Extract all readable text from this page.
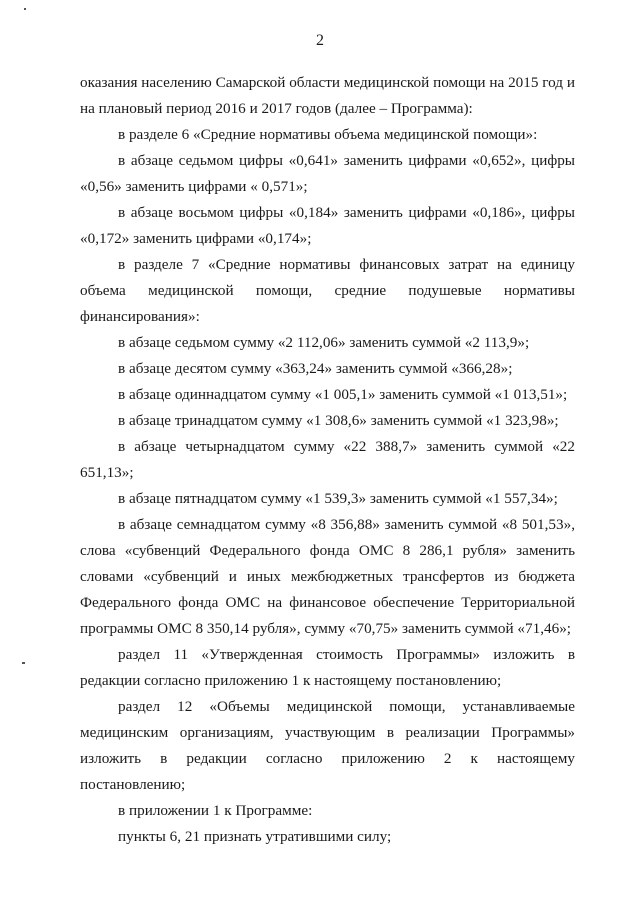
2

оказания населению Самарской области медицинской помощи на 2015 год и на плановый период 2016 и 2017 годов (далее – Программа):

в разделе 6 «Средние нормативы объема медицинской помощи»:

в абзаце седьмом цифры «0,641» заменить цифрами «0,652», цифры «0,56» заменить цифрами « 0,571»;

в абзаце восьмом цифры «0,184» заменить цифрами «0,186», цифры «0,172» заменить цифрами «0,174»;

в разделе 7 «Средние нормативы финансовых затрат на единицу объема медицинской помощи, средние подушевые нормативы финансирования»:

в абзаце седьмом сумму «2 112,06» заменить суммой «2 113,9»;

в абзаце десятом сумму «363,24» заменить суммой «366,28»;

в абзаце одиннадцатом сумму «1 005,1» заменить суммой «1 013,51»;

в абзаце тринадцатом сумму «1 308,6» заменить суммой «1 323,98»;

в абзаце четырнадцатом сумму «22 388,7» заменить суммой «22 651,13»;

в абзаце пятнадцатом сумму «1 539,3» заменить суммой «1 557,34»;

в абзаце семнадцатом сумму «8 356,88» заменить суммой «8 501,53», слова «субвенций Федерального фонда ОМС 8 286,1 рубля» заменить словами «субвенций и иных межбюджетных трансфертов из бюджета Федерального фонда ОМС на финансовое обеспечение Территориальной программы ОМС 8 350,14 рубля», сумму «70,75» заменить суммой «71,46»;

раздел 11 «Утвержденная стоимость Программы» изложить в редакции согласно приложению 1 к настоящему постановлению;

раздел 12 «Объемы медицинской помощи, устанавливаемые медицинским организациям, участвующим в реализации Программы» изложить в редакции согласно приложению 2 к настоящему постановлению;

в приложении 1 к Программе:

пункты 6, 21 признать утратившими силу;
